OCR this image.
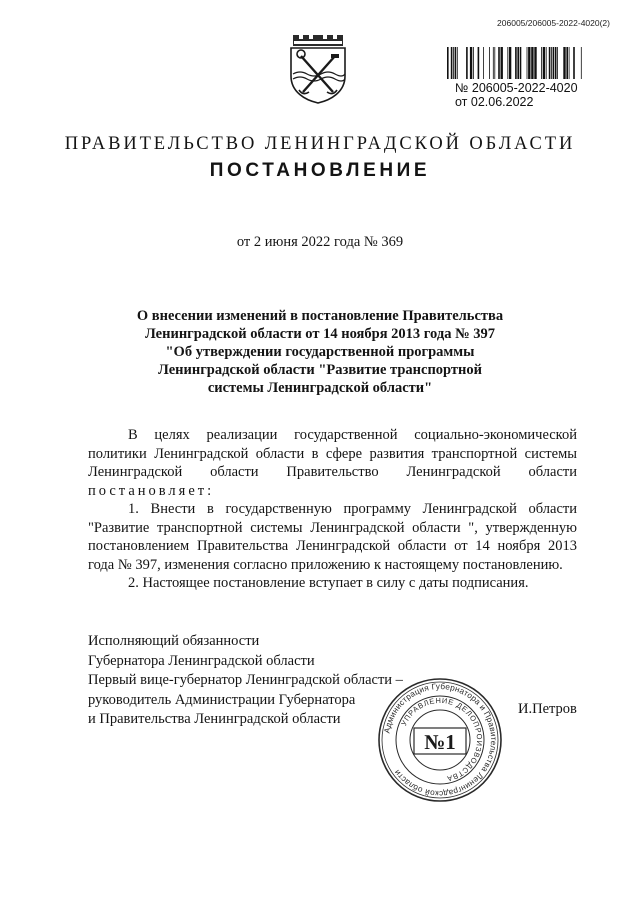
206005/206005-2022-4020(2)
№ 206005-2022-4020
от 02.06.2022
ПРАВИТЕЛЬСТВО ЛЕНИНГРАДСКОЙ ОБЛАСТИ
ПОСТАНОВЛЕНИЕ
от 2 июня 2022 года № 369
О внесении изменений в постановление Правительства
Ленинградской области от 14 ноября 2013 года № 397
"Об утверждении государственной программы
Ленинградской области "Развитие транспортной
системы Ленинградской области"

В целях реализации государственной социально-экономической политики Ленинградской области в сфере развития транспортной системы Ленинградской области Правительство Ленинградской области

постановляет:

1. Внести в государственную программу Ленинградской области "Развитие транспортной системы Ленинградской области ", утвержденную постановлением Правительства Ленинградской области от 14 ноября 2013 года № 397, изменения согласно приложению к настоящему постановлению.

2. Настоящее постановление вступает в силу с даты подписания.

Исполняющий обязанности
Губернатора Ленинградской области
Первый вице-губернатор Ленинградской области –
руководитель Администрации Губернатора
и Правительства Ленинградской области
Администрация Губернатора и Правительства Ленинградской области
УПРАВЛЕНИЕ ДЕЛОПРОИЗВОДСТВА
№1
И.Петров
